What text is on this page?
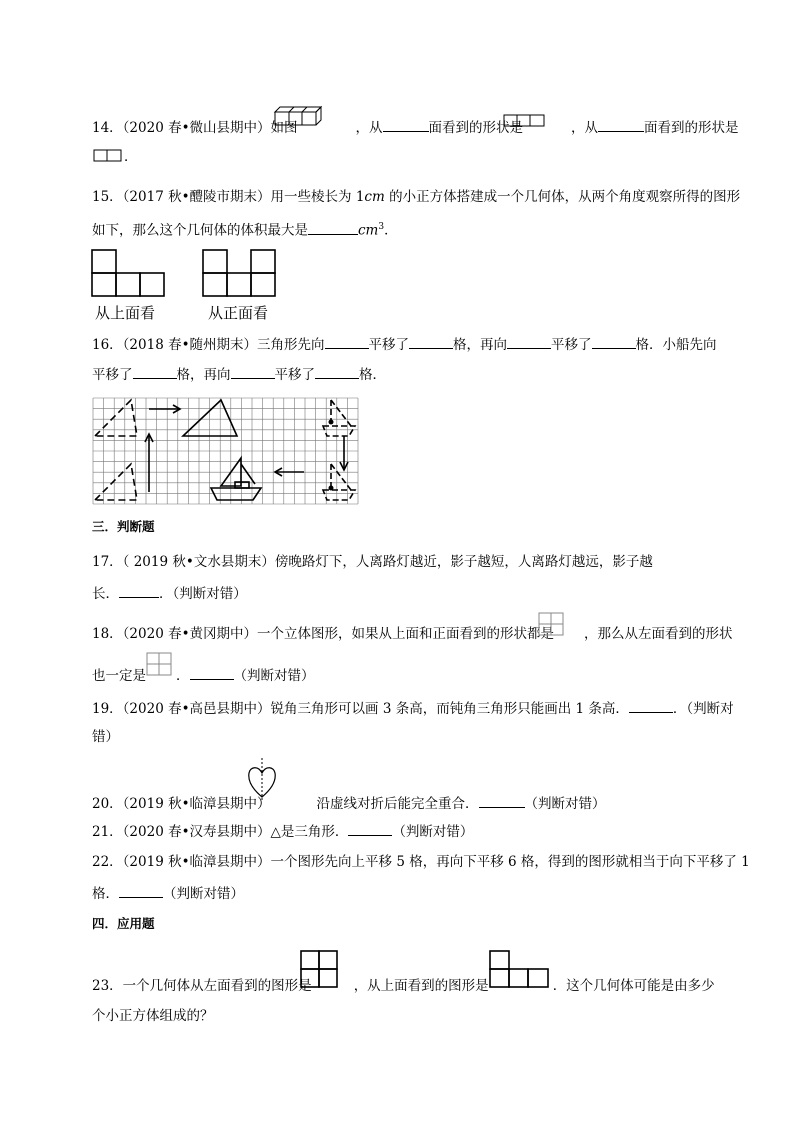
14．（2020 春•微山县期中）如图	，从	面看到的形状是	，从	面看到的形状是
．
15．（2017 秋•醴陵市期末）用一些棱长为 1cm 的小正方体搭建成一个几何体，从两个角度观察所得的图形
如下，那么这个几何体的体积最大是	$cm^3$．
从上面看	从正面看
16．（2018 春•随州期末）三角形先向	平移了	格，再向	平移了	格．小船先向
平移了	格，再向	平移了	格．
三．判断题
17．（ 2019 秋•文水县期末）傍晚路灯下，人离路灯越近，影子越短，人离路灯越远，影子越
长．	．（判断对错）
18．（2020 春•黄冈期中）一个立体图形，如果从上面和正面看到的形状都是 ，那么从左面看到的形状
也一定是 ．	（判断对错）
19．（2020 春•高邑县期中）锐角三角形可以画 3 条高，而钝角三角形只能画出 1 条高．	．（判断对
错）
20．（2019 秋•临漳县期中）	沿虚线对折后能完全重合．	（判断对错）
21．（2020 春•汉寿县期中）△是三角形．	（判断对错）
22．（2019 秋•临漳县期中）一个图形先向上平移 5 格，再向下平移 6 格，得到的图形就相当于向下平移了 1
格．	（判断对错）
四．应用题
23．一个几何体从左面看到的图形是	，从上面看到的图形是	．这个几何体可能是由多少
个小正方体组成的？
